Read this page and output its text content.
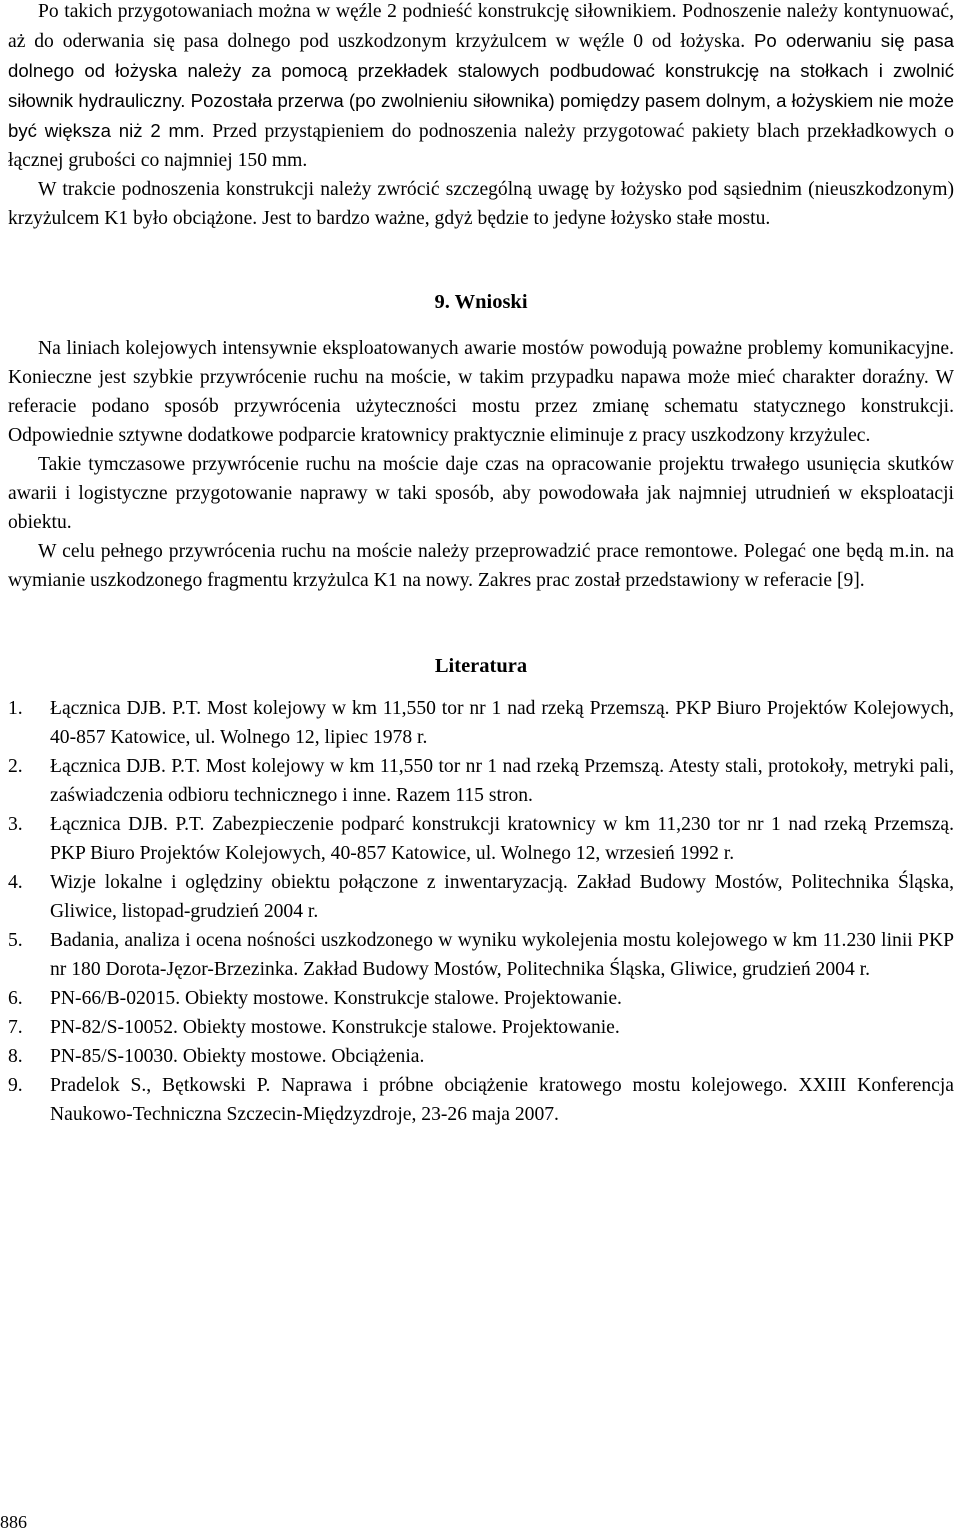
Po takich przygotowaniach można w węźle 2 podnieść konstrukcję siłownikiem. Podnoszenie należy kontynuować, aż do oderwania się pasa dolnego pod uszkodzonym krzyżulcem w węźle 0 od łożyska. Po oderwaniu się pasa dolnego od łożyska należy za pomocą przekładek stalowych podbudować konstrukcję na stołkach i zwolnić siłownik hydrauliczny. Pozostała przerwa (po zwolnieniu siłownika) pomiędzy pasem dolnym, a łożyskiem nie może być większa niż 2 mm. Przed przystąpieniem do podnoszenia należy przygotować pakiety blach przekładkowych o łącznej grubości co najmniej 150 mm.

W trakcie podnoszenia konstrukcji należy zwrócić szczególną uwagę by łożysko pod sąsiednim (nieuszkodzonym) krzyżulcem K1 było obciążone. Jest to bardzo ważne, gdyż będzie to jedyne łożysko stałe mostu.

9. Wnioski

Na liniach kolejowych intensywnie eksploatowanych awarie mostów powodują poważne problemy komunikacyjne. Konieczne jest szybkie przywrócenie ruchu na moście, w takim przypadku napawa może mieć charakter doraźny. W referacie podano sposób przywrócenia użyteczności mostu przez zmianę schematu statycznego konstrukcji. Odpowiednie sztywne dodatkowe podparcie kratownicy praktycznie eliminuje z pracy uszkodzony krzyżulec.

Takie tymczasowe przywrócenie ruchu na moście daje czas na opracowanie projektu trwałego usunięcia skutków awarii i logistyczne przygotowanie naprawy w taki sposób, aby powodowała jak najmniej utrudnień w eksploatacji obiektu.

W celu pełnego przywrócenia ruchu na moście należy przeprowadzić prace remontowe. Polegać one będą m.in. na wymianie uszkodzonego fragmentu krzyżulca K1 na nowy. Zakres prac został przedstawiony w referacie [9].

Literatura
1. Łącznica DJB. P.T. Most kolejowy w km 11,550 tor nr 1 nad rzeką Przemszą. PKP Biuro Projektów Kolejowych, 40-857 Katowice, ul. Wolnego 12, lipiec 1978 r.
2. Łącznica DJB. P.T. Most kolejowy w km 11,550 tor nr 1 nad rzeką Przemszą. Atesty stali, protokoły, metryki pali, zaświadczenia odbioru technicznego i inne. Razem 115 stron.
3. Łącznica DJB. P.T. Zabezpieczenie podparć konstrukcji kratownicy w km 11,230 tor nr 1 nad rzeką Przemszą. PKP Biuro Projektów Kolejowych, 40-857 Katowice, ul. Wolnego 12, wrzesień 1992 r.
4. Wizje lokalne i oględziny obiektu połączone z inwentaryzacją. Zakład Budowy Mostów, Politechnika Śląska, Gliwice, listopad-grudzień 2004 r.
5. Badania, analiza i ocena nośności uszkodzonego w wyniku wykolejenia mostu kolejowego w km 11.230 linii PKP nr 180 Dorota-Jęzor-Brzezinka. Zakład Budowy Mostów, Politechnika Śląska, Gliwice, grudzień 2004 r.
6. PN-66/B-02015. Obiekty mostowe. Konstrukcje stalowe. Projektowanie.
7. PN-82/S-10052. Obiekty mostowe. Konstrukcje stalowe. Projektowanie.
8. PN-85/S-10030. Obiekty mostowe. Obciążenia.
9. Pradelok S., Bętkowski P. Naprawa i próbne obciążenie kratowego mostu kolejowego. XXIII Konferencja Naukowo-Techniczna Szczecin-Międzyzdroje, 23-26 maja 2007.
886
